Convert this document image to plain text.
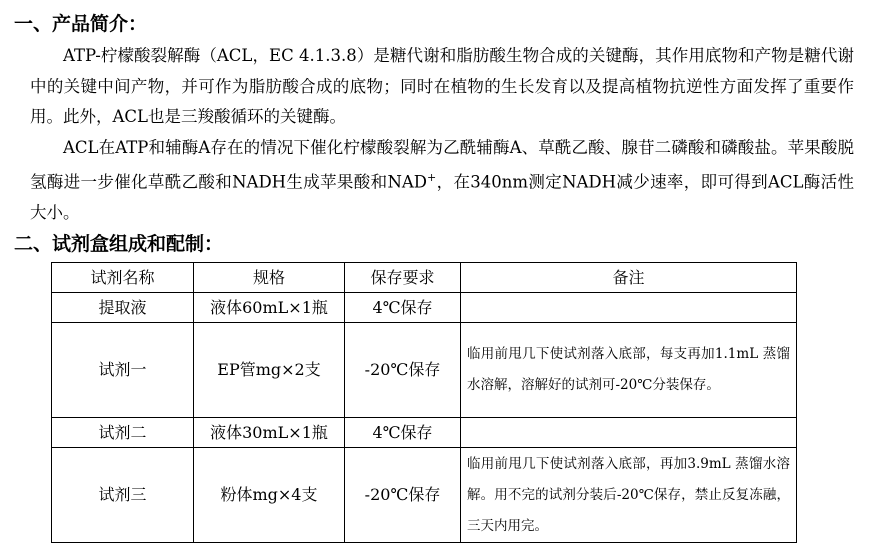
一、产品简介：

ATP-柠檬酸裂解酶（ACL，EC 4.1.3.8）是糖代谢和脂肪酸生物合成的关键酶，其作用底物和产物是糖代谢中的关键中间产物，并可作为脂肪酸合成的底物；同时在植物的生长发育以及提高植物抗逆性方面发挥了重要作用。此外，ACL也是三羧酸循环的关键酶。

ACL在ATP和辅酶A存在的情况下催化柠檬酸裂解为乙酰辅酶A、草酰乙酸、腺苷二磷酸和磷酸盐。苹果酸脱氢酶进一步催化草酰乙酸和NADH生成苹果酸和NAD+，在340nm测定NADH减少速率，即可得到ACL酶活性大小。

二、试剂盒组成和配制：
试剂名称	规格	保存要求	备注
提取液	液体60mL×1瓶	4℃保存	
试剂一	EP管mg×2支	-20℃保存	临用前甩几下使试剂落入底部，每支再加1.1mL 蒸馏水溶解，溶解好的试剂可-20℃分装保存。
试剂二	液体30mL×1瓶	4℃保存	
试剂三	粉体mg×4支	-20℃保存	临用前甩几下使试剂落入底部，再加3.9mL 蒸馏水溶解。用不完的试剂分装后-20℃保存，禁止反复冻融，三天内用完。
